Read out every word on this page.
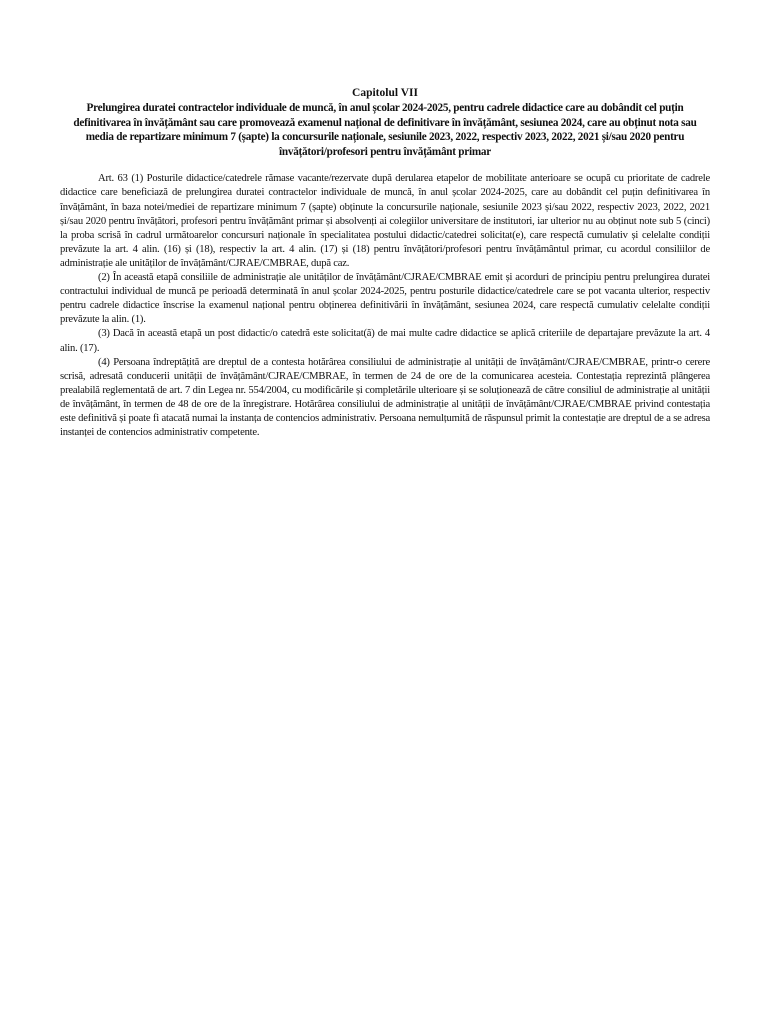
Capitolul VII
Prelungirea duratei contractelor individuale de muncă, în anul școlar 2024-2025, pentru cadrele didactice care au dobândit cel puțin definitivarea în învățământ sau care promovează examenul național de definitivare în învățământ, sesiunea 2024, care au obținut nota sau media de repartizare minimum 7 (șapte) la concursurile naționale, sesiunile 2023, 2022, respectiv 2023, 2022, 2021 și/sau 2020 pentru învățători/profesori pentru învățământ primar

Art. 63 (1) Posturile didactice/catedrele rămase vacante/rezervate după derularea etapelor de mobilitate anterioare se ocupă cu prioritate de cadrele didactice care beneficiază de prelungirea duratei contractelor individuale de muncă, în anul școlar 2024-2025, care au dobândit cel puțin definitivarea în învățământ, în baza notei/mediei de repartizare minimum 7 (șapte) obținute la concursurile naționale, sesiunile 2023 și/sau 2022, respectiv 2023, 2022, 2021 și/sau 2020 pentru învățători, profesori pentru învățământ primar și absolvenți ai colegiilor universitare de institutori, iar ulterior nu au obținut note sub 5 (cinci) la proba scrisă în cadrul următoarelor concursuri naționale în specialitatea postului didactic/catedrei solicitat(e), care respectă cumulativ și celelalte condiții prevăzute la art. 4 alin. (16) și (18), respectiv la art. 4 alin. (17) și (18) pentru învățători/profesori pentru învățământul primar, cu acordul consiliilor de administrație ale unităților de învățământ/CJRAE/CMBRAE, după caz.

(2) În această etapă consiliile de administrație ale unităților de învățământ/CJRAE/CMBRAE emit și acorduri de principiu pentru prelungirea duratei contractului individual de muncă pe perioadă determinată în anul școlar 2024-2025, pentru posturile didactice/catedrele care se pot vacanta ulterior, respectiv pentru cadrele didactice înscrise la examenul național pentru obținerea definitivării în învățământ, sesiunea 2024, care respectă cumulativ celelalte condiții prevăzute la alin. (1).

(3) Dacă în această etapă un post didactic/o catedră este solicitat(ă) de mai multe cadre didactice se aplică criteriile de departajare prevăzute la art. 4 alin. (17).

(4) Persoana îndreptățită are dreptul de a contesta hotărârea consiliului de administrație al unității de învățământ/CJRAE/CMBRAE, printr-o cerere scrisă, adresată conducerii unității de învățământ/CJRAE/CMBRAE, în termen de 24 de ore de la comunicarea acesteia. Contestația reprezintă plângerea prealabilă reglementată de art. 7 din Legea nr. 554/2004, cu modificările și completările ulterioare și se soluționează de către consiliul de administrație al unității de învățământ, în termen de 48 de ore de la înregistrare. Hotărârea consiliului de administrație al unității de învățământ/CJRAE/CMBRAE privind contestația este definitivă și poate fi atacată numai la instanța de contencios administrativ. Persoana nemulțumită de răspunsul primit la contestație are dreptul de a se adresa instanței de contencios administrativ competente.
